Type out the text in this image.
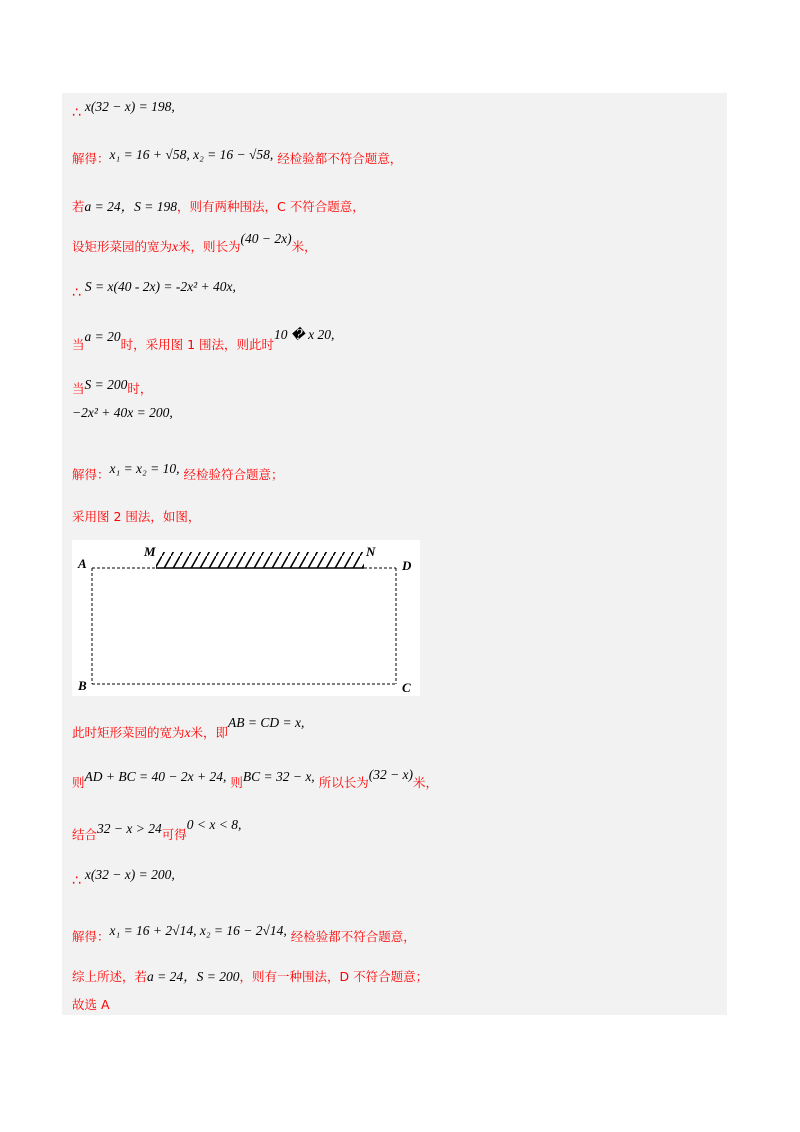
∴ x(32 − x) = 198,
解得：x₁ = 16 + √58, x₂ = 16 − √58, 经检验都不符合题意，
若a = 24，S = 198，则有两种围法，C 不符合题意，
设矩形菜园的宽为x米，则长为(40 − 2x)米，
∴ S = x(40 - 2x) = -2x² + 40x,
当a = 20时，采用图 1 围法，则此时10 � x 20,
当S = 200时，
−2x² + 40x = 200,
解得：x₁ = x₂ = 10, 经检验符合题意；
采用图 2 围法，如图，
A
M	N
D
B	C
此时矩形菜园的宽为x米，即AB = CD = x,
则AD + BC = 40 − 2x + 24, 则BC = 32 − x, 所以长为(32 − x)米，
结合32 − x > 24可得0 < x < 8,
∴ x(32 − x) = 200,
解得：x₁ = 16 + 2√14, x₂ = 16 − 2√14, 经检验都不符合题意，
综上所述，若a = 24，S = 200，则有一种围法，D 不符合题意；
故选 A
